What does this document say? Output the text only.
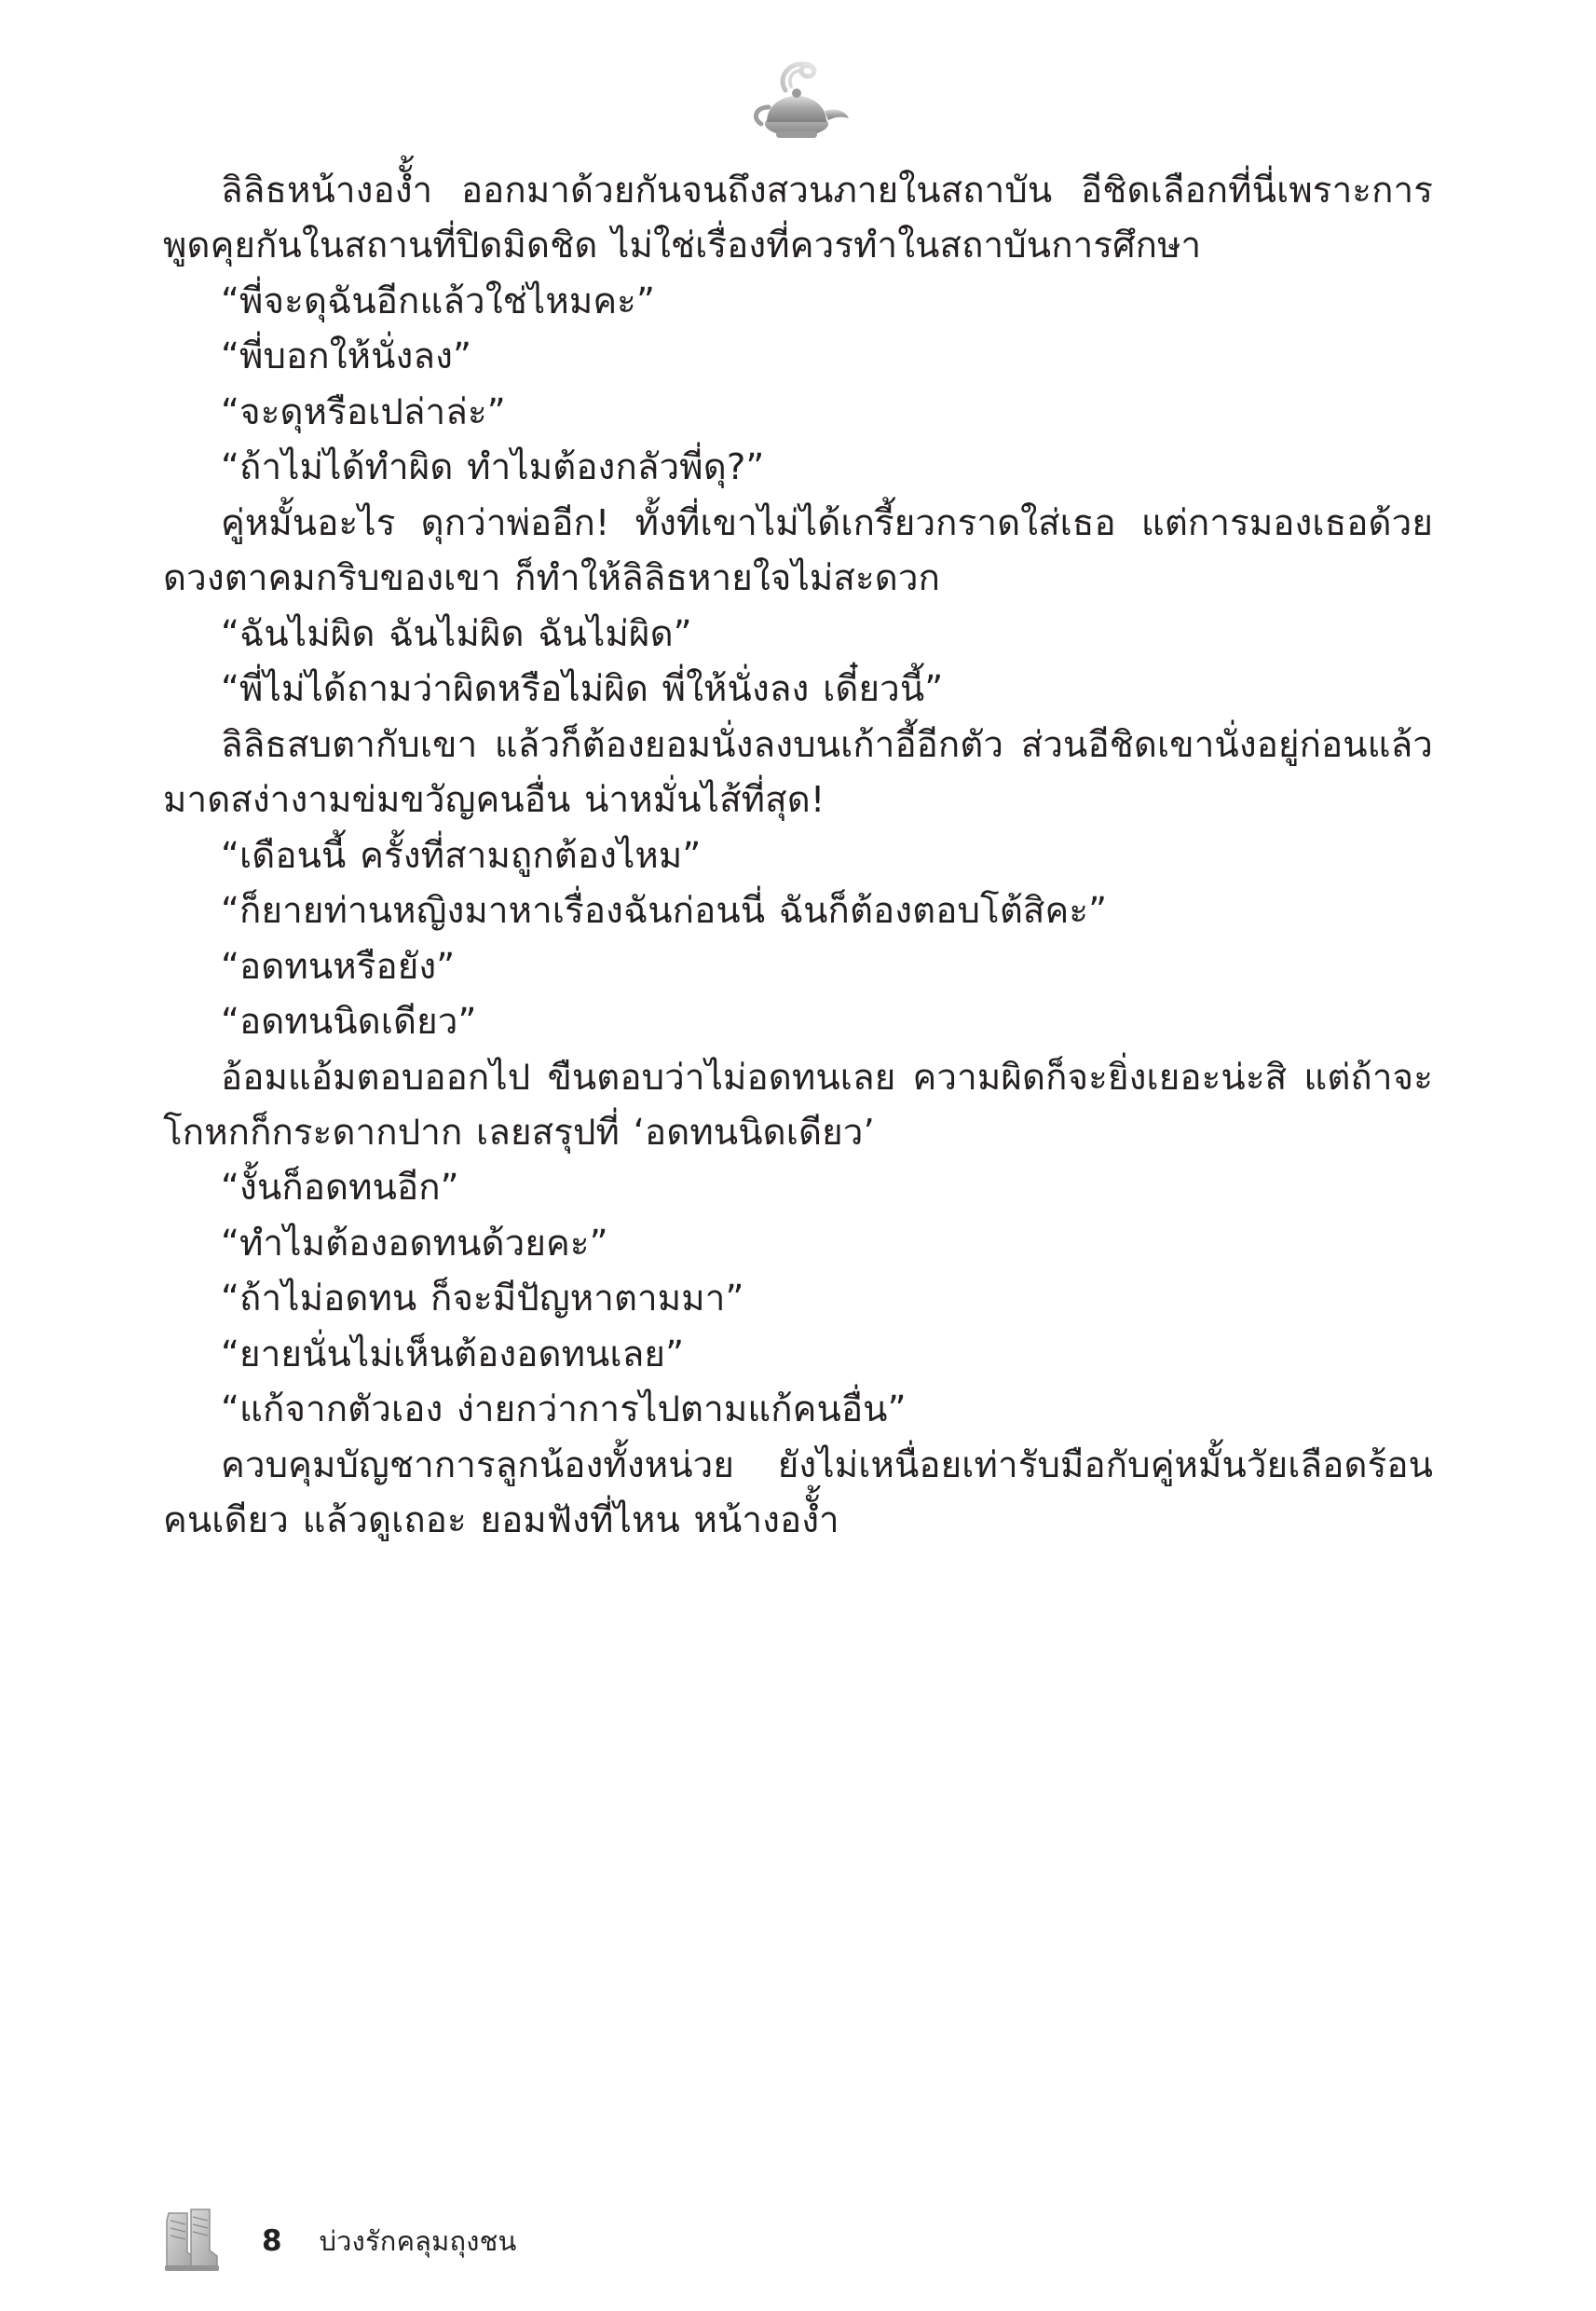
ลิลิธหน้างองั้ำ ออกมาด้วยกันจนถึงสวนภายในสถาบัน อีชิดเลือกที่นี่เพราะการพูดคุยกันในสถานที่ปิดมิดชิด ไม่ใช่เรื่องที่ควรทำในสถาบันการศึกษา

“พี่จะดุฉันอีกแล้วใช่ไหมคะ”

“พี่บอกให้นั่งลง”

“จะดุหรือเปล่าล่ะ”

“ถ้าไม่ได้ทำผิด ทำไมต้องกลัวพี่ดุ?”

คู่หมั้นอะไร ดุกว่าพ่ออีก! ทั้งที่เขาไม่ได้เกรี้ยวกราดใส่เธอ แต่การมองเธอด้วยดวงตาคมกริบของเขา ก็ทำให้ลิลิธหายใจไม่สะดวก

“ฉันไม่ผิด ฉันไม่ผิด ฉันไม่ผิด”

“พี่ไม่ได้ถามว่าผิดหรือไม่ผิด พี่ให้นั่งลง เดี๋ยวนี้”

ลิลิธสบตากับเขา แล้วก็ต้องยอมนั่งลงบนเก้าอี้อีกตัว ส่วนอีชิดเขานั่งอยู่ก่อนแล้ว มาดสง่างามข่มขวัญคนอื่น น่าหมั่นไส้ที่สุด!

“เดือนนี้ ครั้งที่สามถูกต้องไหม”

“ก็ยายท่านหญิงมาหาเรื่องฉันก่อนนี่ ฉันก็ต้องตอบโต้สิคะ”

“อดทนหรือยัง”

“อดทนนิดเดียว”

อ้อมแอ้มตอบออกไป ขืนตอบว่าไม่อดทนเลย ความผิดก็จะยิ่งเยอะน่ะสิ แต่ถ้าจะโกหกก็กระดากปาก เลยสรุปที่ ‘อดทนนิดเดียว’

“งั้นก็อดทนอีก”

“ทำไมต้องอดทนด้วยคะ”

“ถ้าไม่อดทน ก็จะมีปัญหาตามมา”

“ยายนั่นไม่เห็นต้องอดทนเลย”

“แก้จากตัวเอง ง่ายกว่าการไปตามแก้คนอื่น”

ควบคุมบัญชาการลูกน้องทั้งหน่วย ยังไม่เหนื่อยเท่ารับมือกับคู่หมั้นวัยเลือดร้อนคนเดียว แล้วดูเถอะ ยอมฟังที่ไหน หน้างองั้ำ

8 บ่วงรักคลุมถุงชน
